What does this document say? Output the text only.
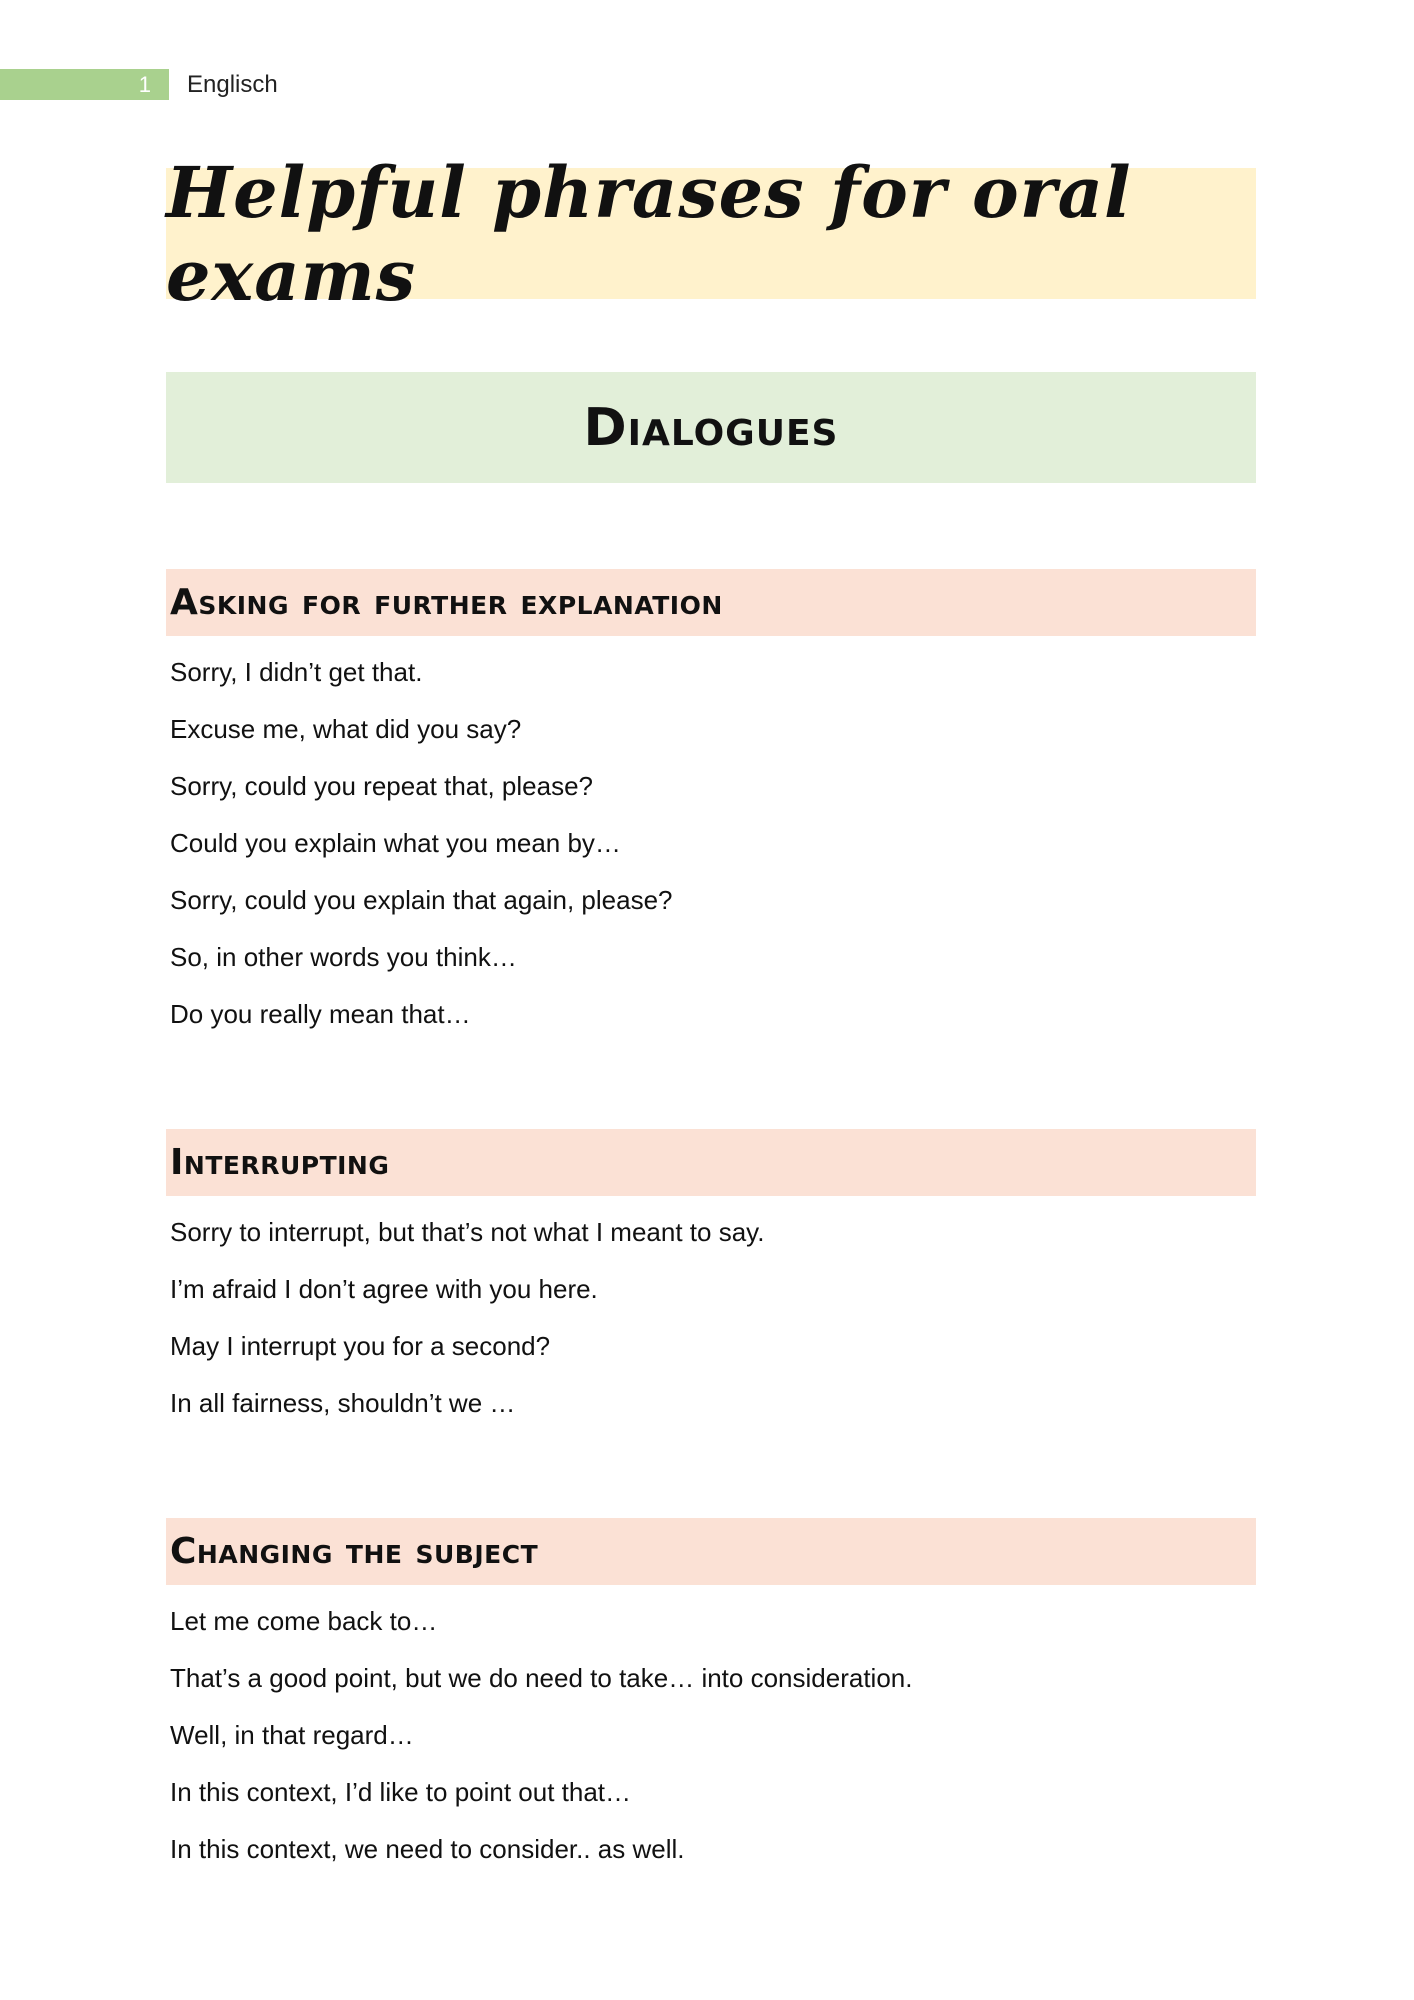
1	Englisch
Helpful phrases for oral exams
Dialogues
Asking for further explanation
Sorry, I didn’t get that.
Excuse me, what did you say?
Sorry, could you repeat that, please?
Could you explain what you mean by…
Sorry, could you explain that again, please?
So, in other words you think…
Do you really mean that…
Interrupting
Sorry to interrupt, but that’s not what I meant to say.
I’m afraid I don’t agree with you here.
May I interrupt you for a second?
In all fairness, shouldn’t we …
Changing the subject
Let me come back to…
That’s a good point, but we do need to take… into consideration.
Well, in that regard…
In this context, I’d like to point out that…
In this context, we need to consider.. as well.
